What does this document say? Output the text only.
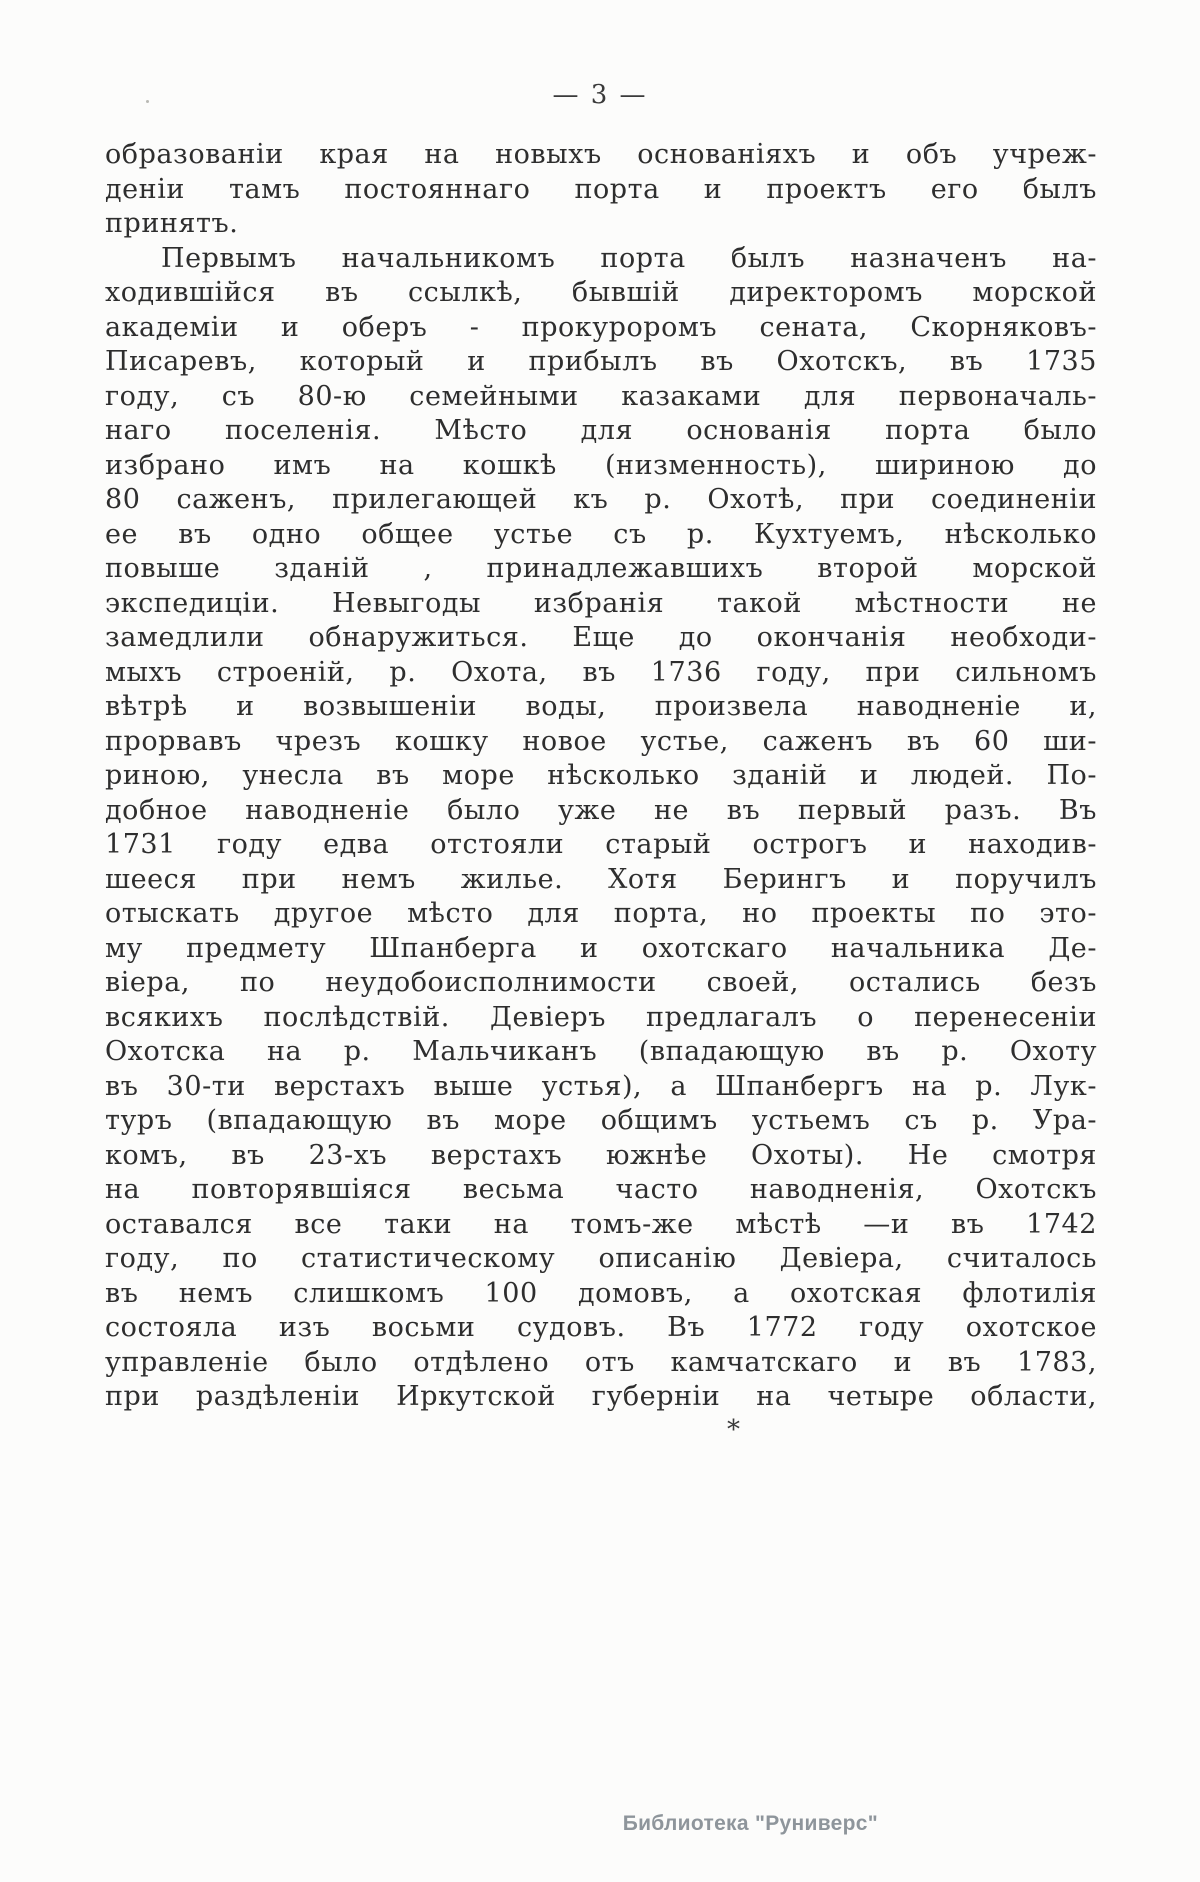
— 3 —
образованіи края на новыхъ основаніяхъ и объ учреж-
деніи тамъ постояннаго порта и проектъ его былъ
принятъ.
Первымъ начальникомъ порта былъ назначенъ на-
ходившійся въ ссылкѣ, бывшій директоромъ морской
академіи и оберъ - прокуроромъ сената, Скорняковъ-
Писаревъ, который и прибылъ въ Охотскъ, въ 1735
году, съ 80-ю семейными казаками для первоначаль-
наго поселенія. Мѣсто для основанія порта было
избрано имъ на кошкѣ (низменность), шириною до
80 саженъ, прилегающей къ р. Охотѣ, при соединеніи
ее въ одно общее устье съ р. Кухтуемъ, нѣсколько
повыше зданій , принадлежавшихъ второй морской
экспедиціи. Невыгоды избранія такой мѣстности не
замедлили обнаружиться. Еще до окончанія необходи-
мыхъ строеній, р. Охота, въ 1736 году, при сильномъ
вѣтрѣ и возвышеніи воды, произвела наводненіе и,
прорвавъ чрезъ кошку новое устье, саженъ въ 60 ши-
риною, унесла въ море нѣсколько зданій и людей. По-
добное наводненіе было уже не въ первый разъ. Въ
1731 году едва отстояли старый острогъ и находив-
шееся при немъ жилье. Хотя Берингъ и поручилъ
отыскать другое мѣсто для порта, но проекты по это-
му предмету Шпанберга и охотскаго начальника Де-
віера, по неудобоисполнимости своей, остались безъ
всякихъ послѣдствій. Девіеръ предлагалъ о перенесеніи
Охотска на р. Мальчиканъ (впадающую въ р. Охоту
въ 30-ти верстахъ выше устья), а Шпанбергъ на р. Лук-
туръ (впадающую въ море общимъ устьемъ съ р. Ура-
комъ, въ 23-хъ верстахъ южнѣе Охоты). Не смотря
на повторявшіяся весьма часто наводненія, Охотскъ
оставался все таки на томъ-же мѣстѣ —и въ 1742
году, по статистическому описанію Девіера, считалось
въ немъ слишкомъ 100 домовъ, а охотская флотилія
состояла изъ восьми судовъ. Въ 1772 году охотское
управленіе было отдѣлено отъ камчатскаго и въ 1783,
при раздѣленіи Иркутской губерніи на четыре области,
*
Библиотека "Руниверс"
